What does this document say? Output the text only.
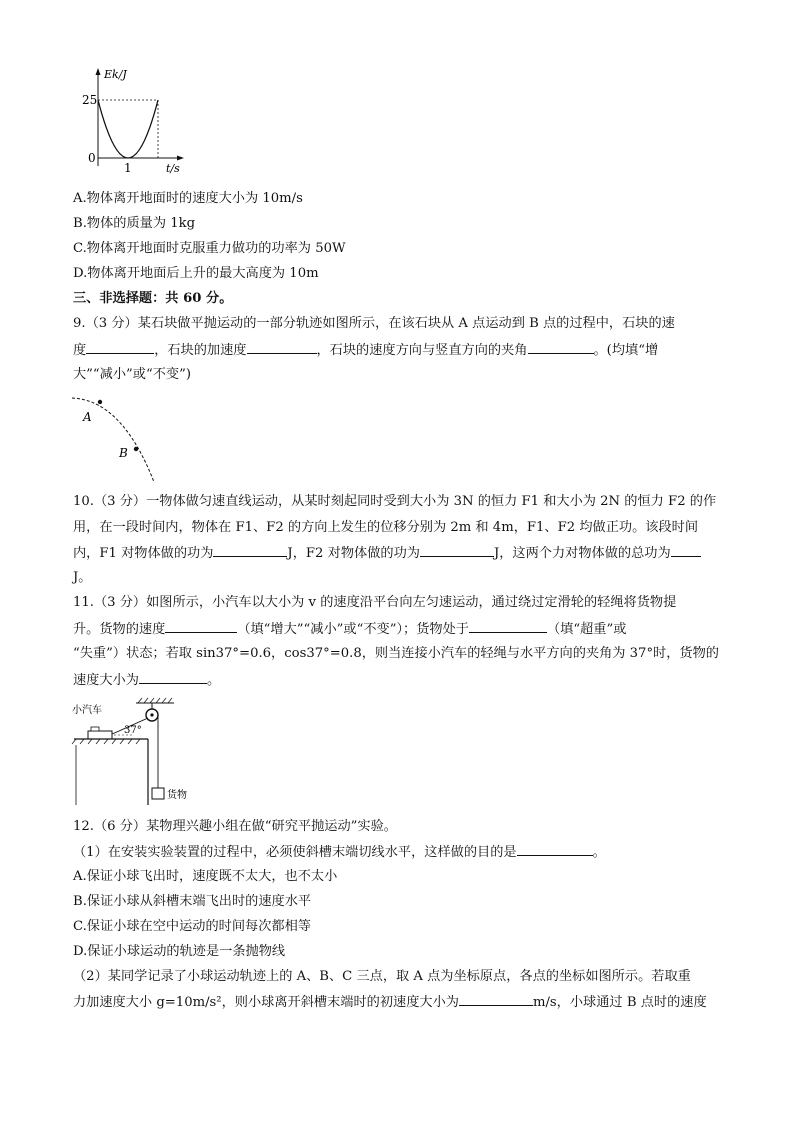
Ek/J
25
0
1	t/s
A.物体离开地面时的速度大小为 10m/s
B.物体的质量为 1kg
C.物体离开地面时克服重力做功的功率为 50W
D.物体离开地面后上升的最大高度为 10m
三、非选择题：共 60 分。
9.（3 分）某石块做平抛运动的一部分轨迹如图所示，在该石块从 A 点运动到 B 点的过程中，石块的速
度	，石块的加速度	，石块的速度方向与竖直方向的夹角	。(均填“增
大”“减小”或“不变”)
A
B
10.（3 分）一物体做匀速直线运动，从某时刻起同时受到大小为 3N 的恒力 F1 和大小为 2N 的恒力 F2 的作
用，在一段时间内，物体在 F1、F2 的方向上发生的位移分别为 2m 和 4m，F1、F2 均做正功。该段时间
内，F1 对物体做的功为	J，F2 对物体做的功为	J，这两个力对物体做的总功为
J。
11.（3 分）如图所示，小汽车以大小为 v 的速度沿平台向左匀速运动，通过绕过定滑轮的轻绳将货物提
升。货物的速度	（填“增大”“减小”或“不变”）；货物处于	（填“超重”或
“失重”）状态；若取 sin37°=0.6，cos37°=0.8，则当连接小汽车的轻绳与水平方向的夹角为 37°时，货物的
速度大小为	。
小汽车
37°
货物
12.（6 分）某物理兴趣小组在做“研究平抛运动”实验。
（1）在安装实验装置的过程中，必须使斜槽末端切线水平，这样做的目的是	。
A.保证小球飞出时，速度既不太大，也不太小
B.保证小球从斜槽末端飞出时的速度水平
C.保证小球在空中运动的时间每次都相等
D.保证小球运动的轨迹是一条抛物线
（2）某同学记录了小球运动轨迹上的 A、B、C 三点，取 A 点为坐标原点，各点的坐标如图所示。若取重
力加速度大小 g=10m/s²，则小球离开斜槽末端时的初速度大小为	m/s，小球通过 B 点时的速度
